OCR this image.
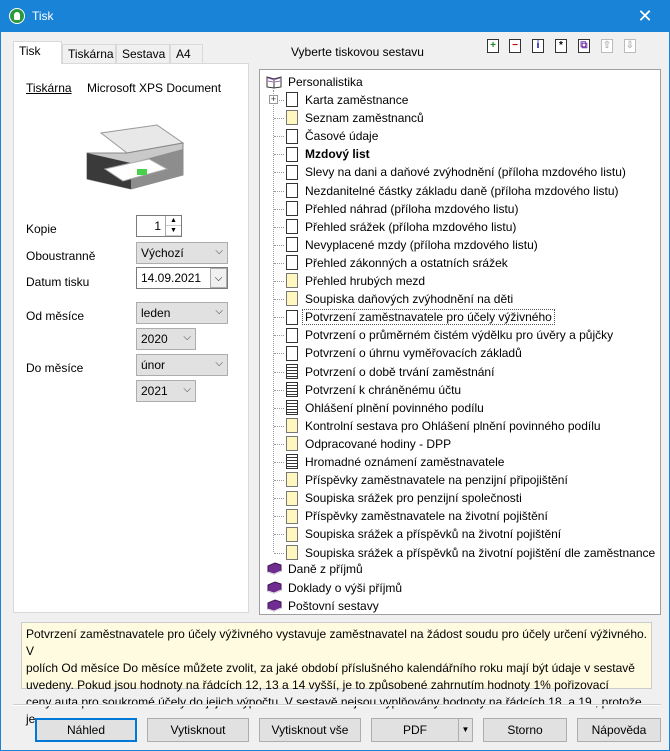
Tisk	✕
Tisk	Tiskárna Sestava A4
Tiskárna Microsoft XPS Document
Kopie	1	▲
▼
Oboustranně	Výchozí	⌵
Datum tisku	14.09.2021	⌵
Od měsíce	leden	⌵
2020 ⌵
Do měsíce	únor	⌵
2021 ⌵
Vyberte tiskovou sestavu	+	−	i	*	⧉ ⇧ ⇩
Personalistika
+	Karta zaměstnance
Seznam zaměstnanců
Časové údaje
Mzdový list
Slevy na dani a daňové zvýhodnění (příloha mzdového listu)
Nezdanitelné částky základu daně (příloha mzdového listu)
Přehled náhrad (příloha mzdového listu)
Přehled srážek (příloha mzdového listu)
Nevyplacené mzdy (příloha mzdového listu)
Přehled zákonných a ostatních srážek
Přehled hrubých mezd
Soupiska daňových zvýhodnění na děti
Potvrzení zaměstnavatele pro účely výživného
Potvrzení o průměrném čistém výdělku pro úvěry a půjčky
Potvrzení o úhrnu vyměřovacích základů
Potvrzení o době trvání zaměstnání
Potvrzení k chráněnému účtu
Ohlášení plnění povinného podílu
Kontrolní sestava pro Ohlášení plnění povinného podílu
Odpracované hodiny - DPP
Hromadné oznámení zaměstnavatele
Příspěvky zaměstnavatele na penzijní připojištění
Soupiska srážek pro penzijní společnosti
Příspěvky zaměstnavatele na životní pojištění
Soupiska srážek a příspěvků na životní pojištění
Soupiska srážek a příspěvků na životní pojištění dle zaměstnance
Daně z příjmů
Doklady o výši příjmů
Poštovní sestavy
Potvrzení zaměstnavatele pro účely výživného vystavuje zaměstnavatel na žádost soudu pro účely určení výživného. V
polích Od měsíce Do měsíce můžete zvolit, za jaké období příslušného kalendářního roku mají být údaje v sestavě
uvedeny. Pokud jsou hodnoty na řádcích 12, 13 a 14 vyšší, je to způsobené zahrnutím hodnoty 1% pořizovací
ceny auta pro soukromé účely do jejich výpočtu. V sestavě nejsou vyplňovány hodnoty na řádcích 18. a 19., protože je
Náhled	Vytisknout	Vytisknout vše	PDF	▼	Storno	Nápověda
